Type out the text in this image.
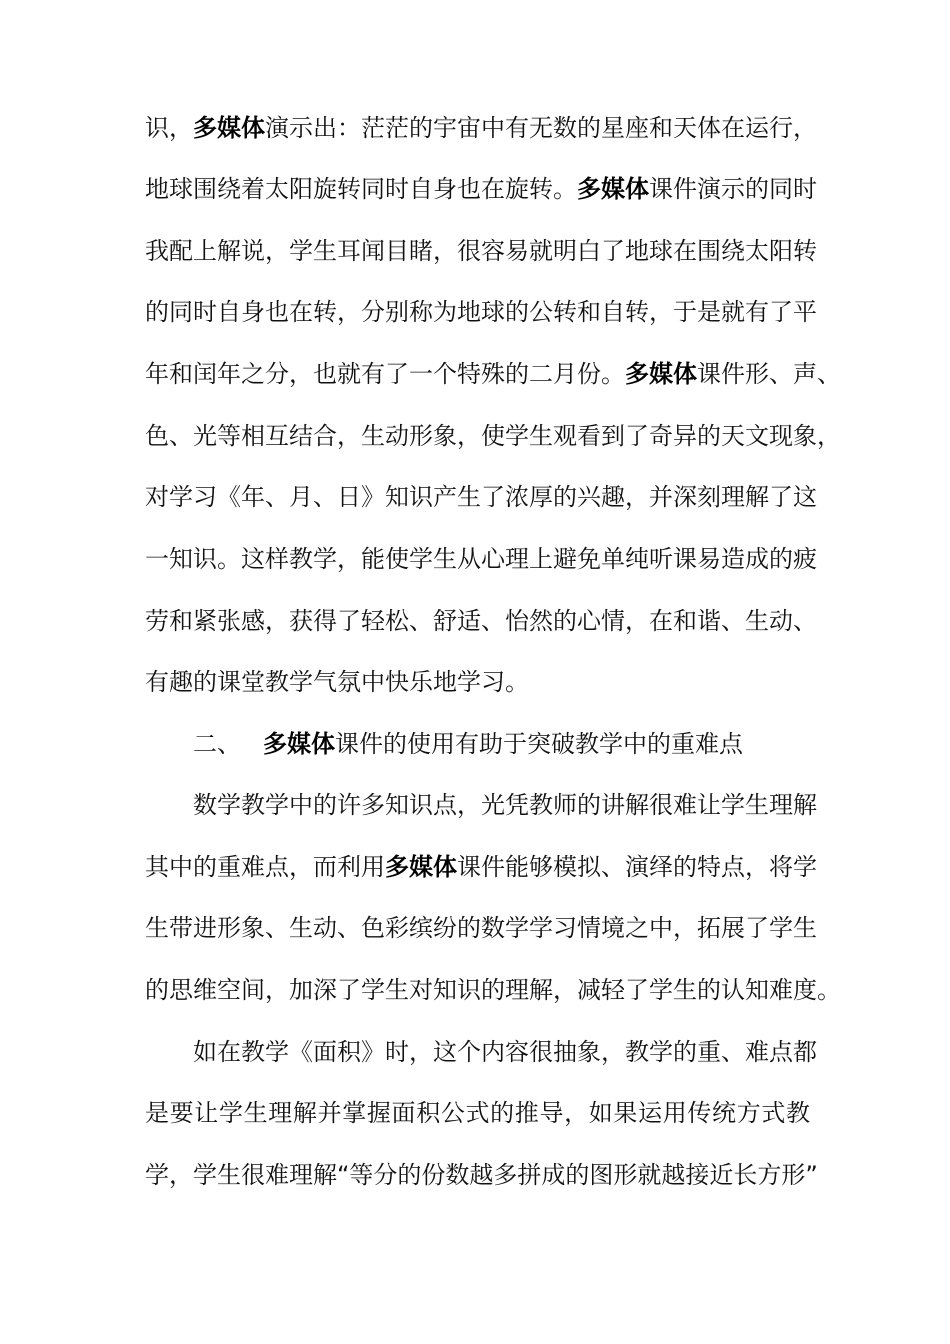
识，多媒体演示出：茫茫的宇宙中有无数的星座和天体在运行，
地球围绕着太阳旋转同时自身也在旋转。多媒体课件演示的同时
我配上解说，学生耳闻目睹，很容易就明白了地球在围绕太阳转
的同时自身也在转，分别称为地球的公转和自转，于是就有了平
年和闰年之分，也就有了一个特殊的二月份。多媒体课件形、声、
色、光等相互结合，生动形象，使学生观看到了奇异的天文现象，
对学习《年、月、日》知识产生了浓厚的兴趣，并深刻理解了这
一知识。这样教学，能使学生从心理上避免单纯听课易造成的疲
劳和紧张感，获得了轻松、舒适、怡然的心情，在和谐、生动、
有趣的课堂教学气氛中快乐地学习。
二、 多媒体课件的使用有助于突破教学中的重难点
数学教学中的许多知识点，光凭教师的讲解很难让学生理解
其中的重难点，而利用多媒体课件能够模拟、演绎的特点，将学
生带进形象、生动、色彩缤纷的数学学习情境之中，拓展了学生
的思维空间，加深了学生对知识的理解，减轻了学生的认知难度。
如在教学《面积》时，这个内容很抽象，教学的重、难点都
是要让学生理解并掌握面积公式的推导，如果运用传统方式教
学，学生很难理解“等分的份数越多拼成的图形就越接近长方形”
